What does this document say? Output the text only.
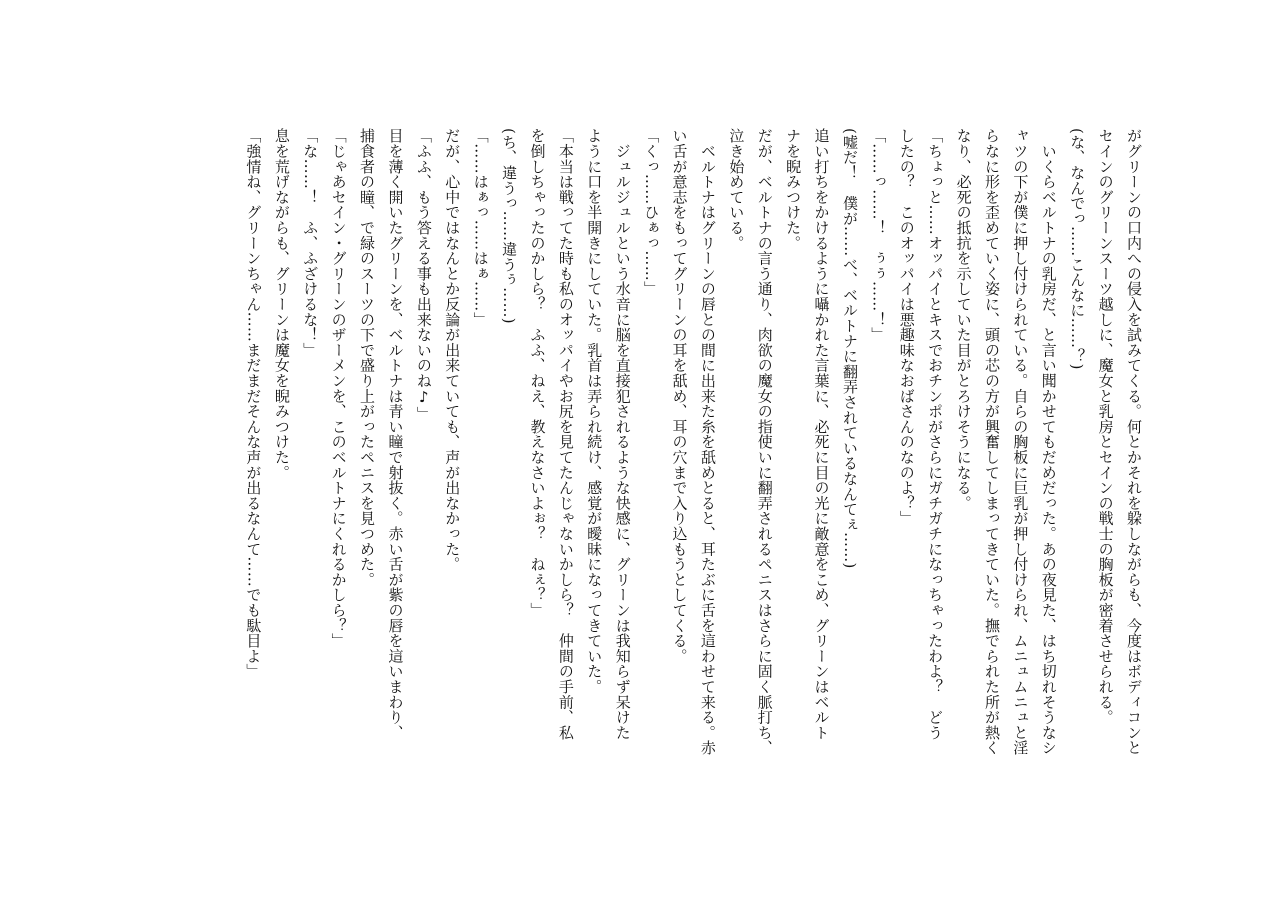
がグリーンの口内への侵入を試みてくる。何とかそれを躱しながらも、今度はボディコンと
セインのグリーンスーツ越しに、魔女と乳房とセインの戦士の胸板が密着させられる。
(な、なんでっ……こんなに……？)
　いくらベルトナの乳房だ、と言い聞かせてもだめだった。あの夜見た、はち切れそうなシ
ャツの下が僕に押し付けられている。自らの胸板に巨乳が押し付けられ、ムニュムニュと淫
らなに形を歪めていく姿に、頭の芯の方が興奮してしまってきていた。撫でられた所が熱く
なり、必死の抵抗を示していた目がとろけそうになる。
「ちょっと……オッパイとキスでおチンポがさらにガチガチになっちゃったわよ？　どう
したの？　このオッパイは悪趣味なおばさんのなのよ？」
「……っ……！　ぅぅ……！」
(嘘だ！　僕が……べ、ベルトナに翻弄されているなんてぇ……)
追い打ちをかけるように囁かれた言葉に、必死に目の光に敵意をこめ、グリーンはベルト
ナを睨みつけた。
だが、ベルトナの言う通り、肉欲の魔女の指使いに翻弄されるペニスはさらに固く脈打ち、
泣き始めている。
　ベルトナはグリーンの唇との間に出来た糸を舐めとると、耳たぶに舌を這わせて来る。赤
い舌が意志をもってグリーンの耳を舐め、耳の穴まで入り込もうとしてくる。
「くっ……ひぁっ……」
　ジュルジュルという水音に脳を直接犯されるような快感に、グリーンは我知らず呆けた
ように口を半開きにしていた。乳首は弄られ続け、感覚が曖昧になってきていた。
「本当は戦ってた時も私のオッパイやお尻を見てたんじゃないかしら？　仲間の手前、私
を倒しちゃったのかしら？　ふふ、ねえ、教えなさいよぉ？　ねぇ？」
(ち、違うっ……違うぅ……)
「……はぁっ……はぁ……」
だが、心中ではなんとか反論が出来ていても、声が出なかった。
「ふふ、もう答える事も出来ないのね♪」
目を薄く開いたグリーンを、ベルトナは青い瞳で射抜く。赤い舌が紫の唇を這いまわり、
捕食者の瞳、で緑のスーツの下で盛り上がったペニスを見つめた。
「じゃあセイン・グリーンのザーメンを、このベルトナにくれるかしら？」
「な……！　ふ、ふざけるな！」
息を荒げながらも、グリーンは魔女を睨みつけた。
「強情ね、グリーンちゃん……まだまだそんな声が出るなんて……でも駄目よ」
